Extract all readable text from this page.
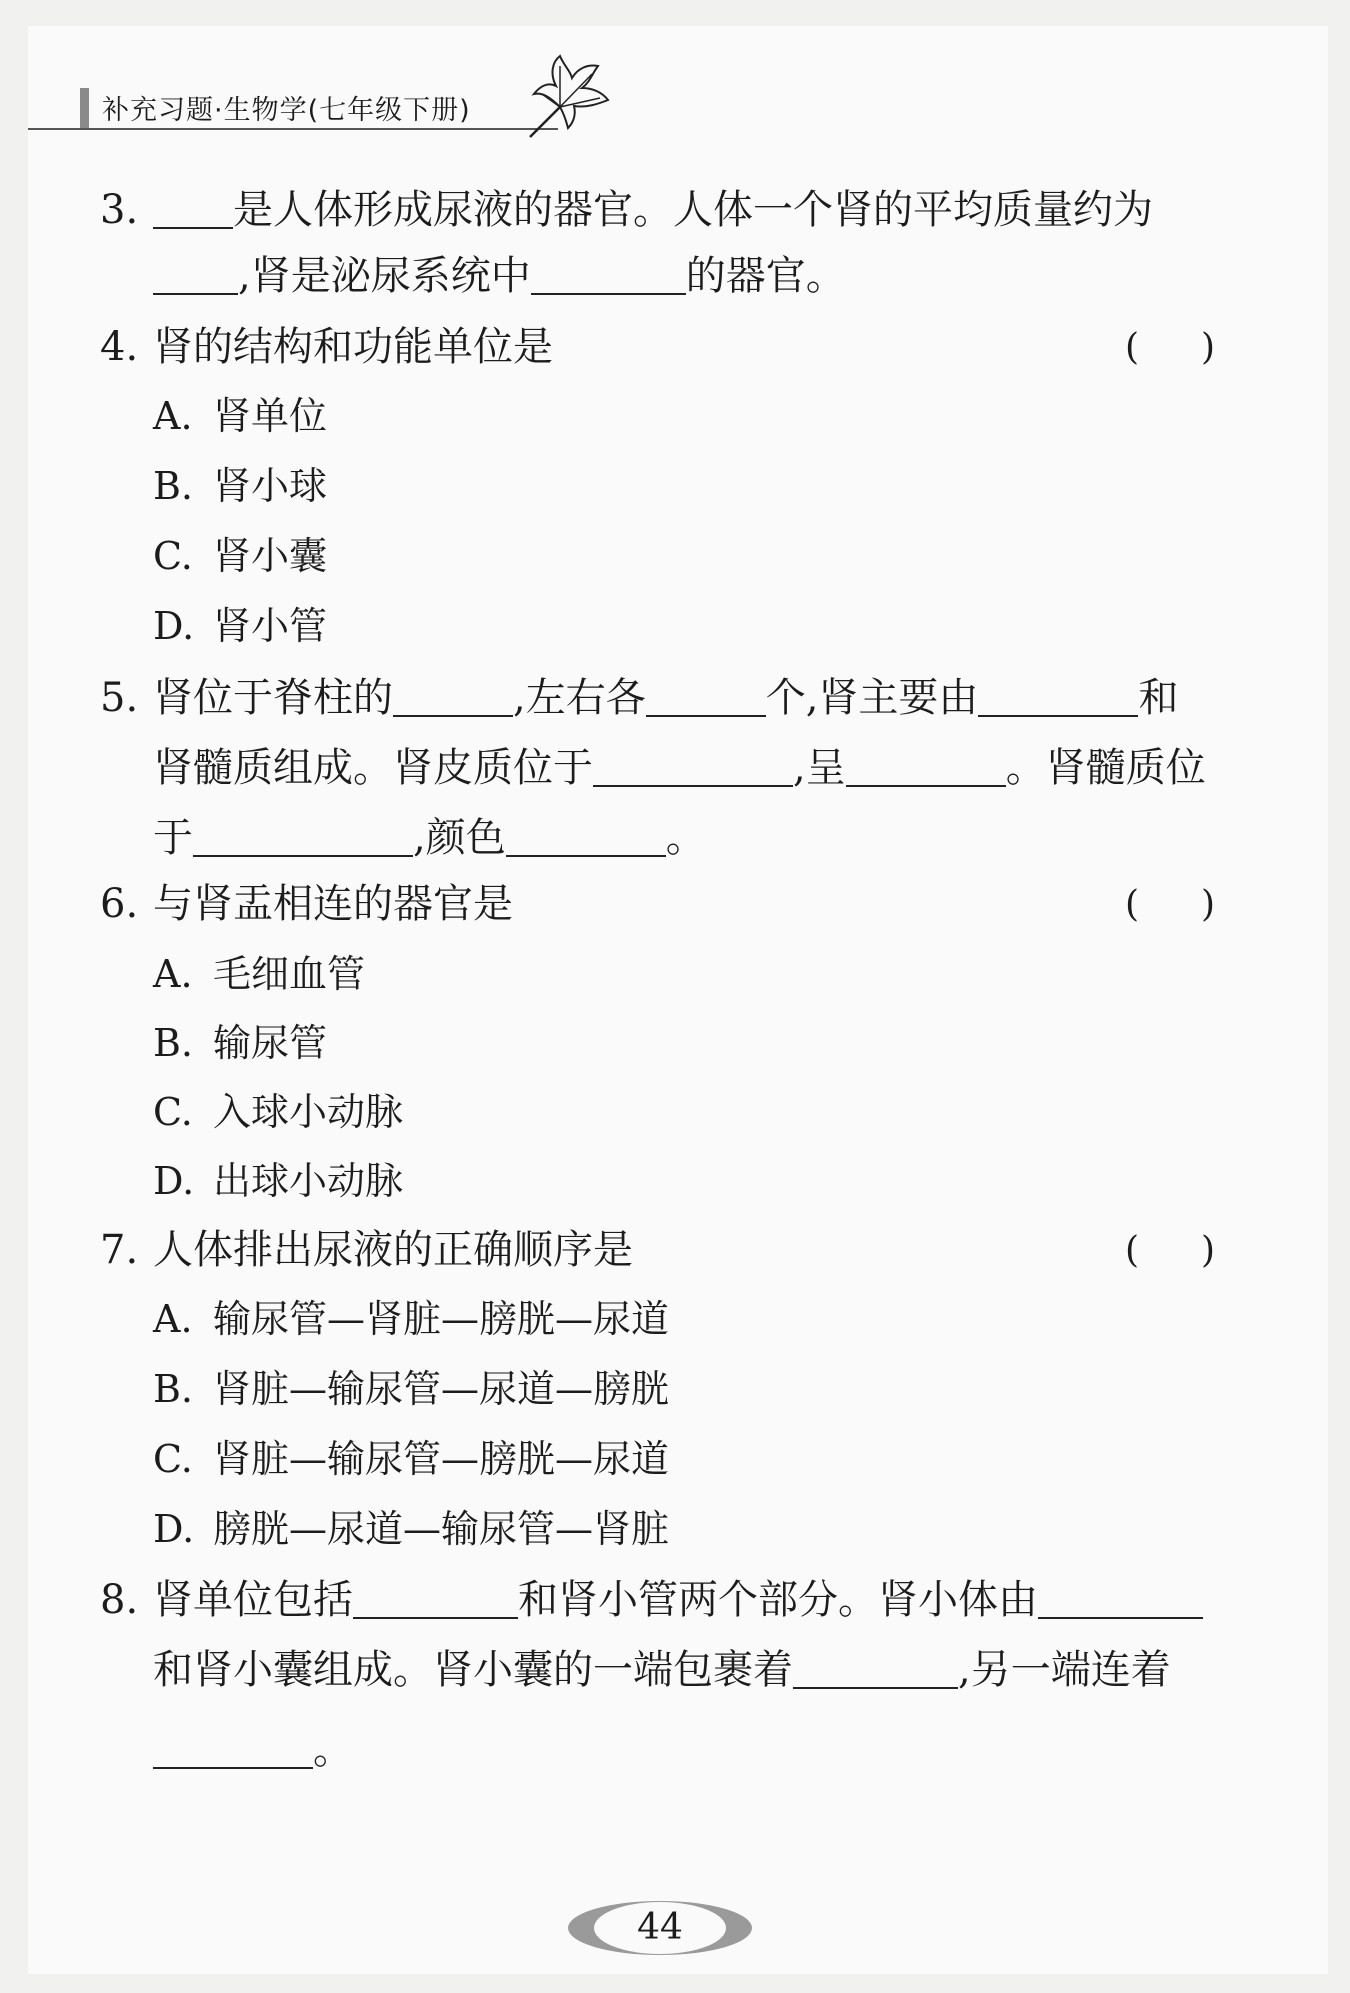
补充习题·生物学(七年级下册)
3. 是人体形成尿液的器官。人体一个肾的平均质量约为
,肾是泌尿系统中	的器官。
4. 肾的结构和功能单位是	( )
A. 肾单位
B. 肾小球
C. 肾小囊
D. 肾小管
5. 肾位于脊柱的	,左右各	个,肾主要由	和
肾髓质组成。肾皮质位于	,呈	。肾髓质位
于	,颜色	。
6. 与肾盂相连的器官是	( )
A. 毛细血管
B. 输尿管
C. 入球小动脉
D. 出球小动脉
7. 人体排出尿液的正确顺序是	( )
A. 输尿管—肾脏—膀胱—尿道
B. 肾脏—输尿管—尿道—膀胱
C. 肾脏—输尿管—膀胱—尿道
D. 膀胱—尿道—输尿管—肾脏
8. 肾单位包括	和肾小管两个部分。肾小体由
和肾小囊组成。肾小囊的一端包裹着	,另一端连着
。
44
